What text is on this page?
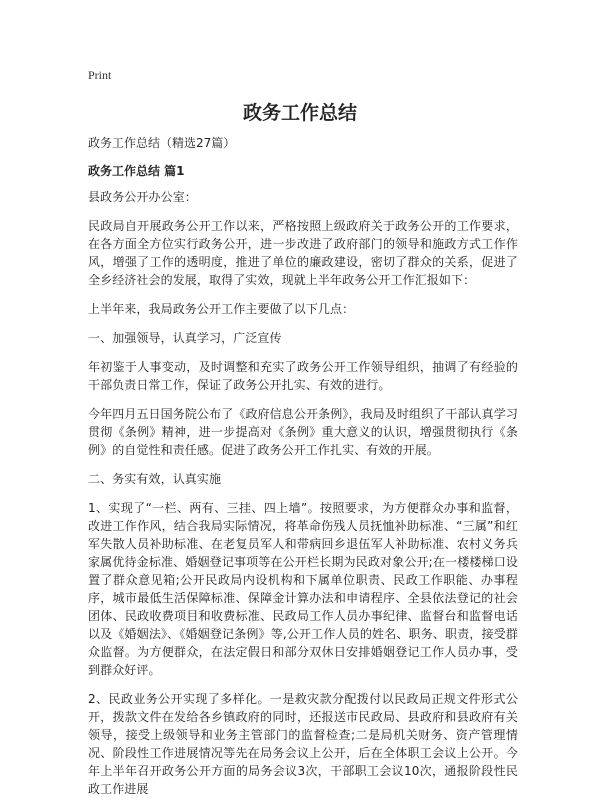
Print
政务工作总结
政务工作总结（精选27篇）
政务工作总结 篇1

县政务公开办公室：

民政局自开展政务公开工作以来，严格按照上级政府关于政务公开的工作要求，在各方面全方位实行政务公开，进一步改进了政府部门的领导和施政方式工作作风，增强了工作的透明度，推进了单位的廉政建设，密切了群众的关系，促进了全乡经济社会的发展，取得了实效，现就上半年政务公开工作汇报如下：

上半年来，我局政务公开工作主要做了以下几点：

一、加强领导，认真学习，广泛宣传

年初鉴于人事变动，及时调整和充实了政务公开工作领导组织，抽调了有经验的干部负责日常工作，保证了政务公开扎实、有效的进行。

今年四月五日国务院公布了《政府信息公开条例》，我局及时组织了干部认真学习贯彻《条例》精神，进一步提高对《条例》重大意义的认识，增强贯彻执行《条例》的自觉性和责任感。促进了政务公开工作扎实、有效的开展。

二、务实有效，认真实施

1、实现了“一栏、两有、三挂、四上墙”。按照要求，为方便群众办事和监督，改进工作作风，结合我局实际情况，将革命伤残人员抚恤补助标准、“三属”和红军失散人员补助标准、在老复员军人和带病回乡退伍军人补助标准、农村义务兵家属优待金标准、婚姻登记事项等在公开栏长期为民政对象公开;在一楼楼梯口设置了群众意见箱;公开民政局内设机构和下属单位职责、民政工作职能、办事程序，城市最低生活保障标准、保障金计算办法和申请程序、全县依法登记的社会团体、民政收费项目和收费标准、民政局工作人员办事纪律、监督台和监督电话以及《婚姻法》、《婚姻登记条例》等,公开工作人员的姓名、职务、职责，接受群众监督。为方便群众，在法定假日和部分双休日安排婚姻登记工作人员办事，受到群众好评。

2、民政业务公开实现了多样化。一是救灾款分配拨付以民政局正规文件形式公开，拨款文件在发给各乡镇政府的同时，还报送市民政局、县政府和县政府有关领导，接受上级领导和业务主管部门的监督检查;二是局机关财务、资产管理情况、阶段性工作进展情况等先在局务会议上公开，后在全体职工会议上公开。今年上半年召开政务公开方面的局务会议3次，干部职工会议10次，通报阶段性民政工作进展
